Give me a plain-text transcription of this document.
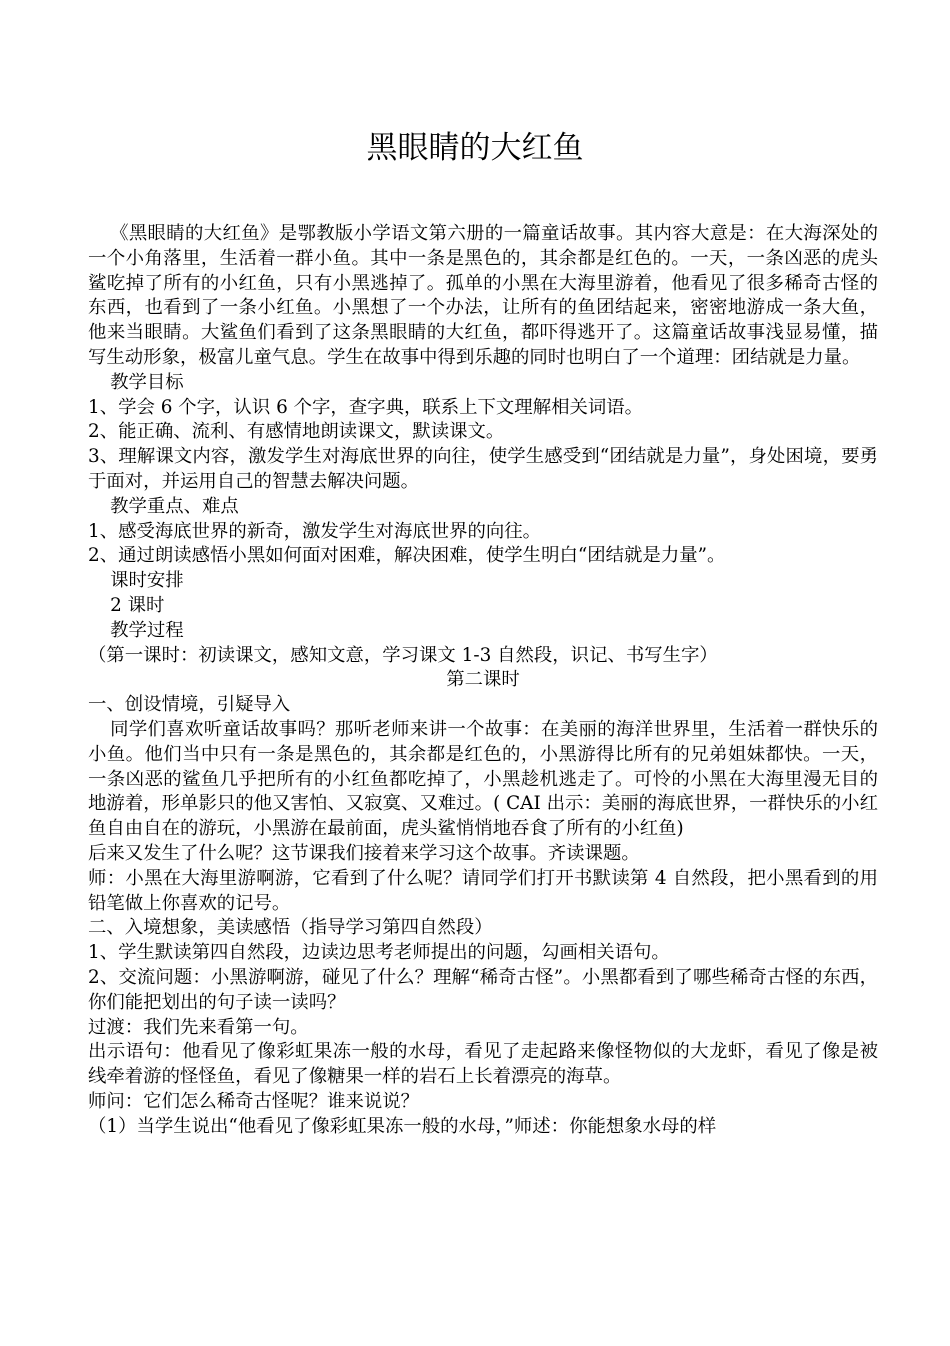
黑眼睛的大红鱼

《黑眼睛的大红鱼》是鄂教版小学语文第六册的一篇童话故事。其内容大意是：在大海深处的一个小角落里，生活着一群小鱼。其中一条是黑色的，其余都是红色的。一天，一条凶恶的虎头鲨吃掉了所有的小红鱼，只有小黑逃掉了。孤单的小黑在大海里游着，他看见了很多稀奇古怪的东西，也看到了一条小红鱼。小黑想了一个办法，让所有的鱼团结起来，密密地游成一条大鱼，他来当眼睛。大鲨鱼们看到了这条黑眼睛的大红鱼，都吓得逃开了。这篇童话故事浅显易懂，描写生动形象，极富儿童气息。学生在故事中得到乐趣的同时也明白了一个道理：团结就是力量。

教学目标

1、学会 6 个字，认识 6 个字，查字典，联系上下文理解相关词语。

2、能正确、流利、有感情地朗读课文，默读课文。

3、理解课文内容，激发学生对海底世界的向往，使学生感受到“团结就是力量”，身处困境，要勇于面对，并运用自己的智慧去解决问题。

教学重点、难点

1、感受海底世界的新奇，激发学生对海底世界的向往。

2、通过朗读感悟小黑如何面对困难，解决困难，使学生明白“团结就是力量”。

课时安排

2 课时

教学过程

（第一课时：初读课文，感知文意，学习课文 1-3 自然段，识记、书写生字）

第二课时

一、创设情境，引疑导入

同学们喜欢听童话故事吗？那听老师来讲一个故事：在美丽的海洋世界里，生活着一群快乐的小鱼。他们当中只有一条是黑色的，其余都是红色的，小黑游得比所有的兄弟姐妹都快。一天，一条凶恶的鲨鱼几乎把所有的小红鱼都吃掉了，小黑趁机逃走了。可怜的小黑在大海里漫无目的地游着，形单影只的他又害怕、又寂寞、又难过。( CAI 出示：美丽的海底世界，一群快乐的小红鱼自由自在的游玩，小黑游在最前面，虎头鲨悄悄地吞食了所有的小红鱼)

后来又发生了什么呢？这节课我们接着来学习这个故事。齐读课题。

师：小黑在大海里游啊游，它看到了什么呢？请同学们打开书默读第 4 自然段，把小黑看到的用铅笔做上你喜欢的记号。

二、入境想象，美读感悟（指导学习第四自然段）

1、学生默读第四自然段，边读边思考老师提出的问题，勾画相关语句。

2、交流问题：小黑游啊游，碰见了什么？理解“稀奇古怪”。小黑都看到了哪些稀奇古怪的东西，你们能把划出的句子读一读吗？

过渡：我们先来看第一句。

出示语句：他看见了像彩虹果冻一般的水母，看见了走起路来像怪物似的大龙虾，看见了像是被线牵着游的怪怪鱼，看见了像糖果一样的岩石上长着漂亮的海草。

师问：它们怎么稀奇古怪呢？谁来说说？

（1）当学生说出“他看见了像彩虹果冻一般的水母，”师述：你能想象水母的样
